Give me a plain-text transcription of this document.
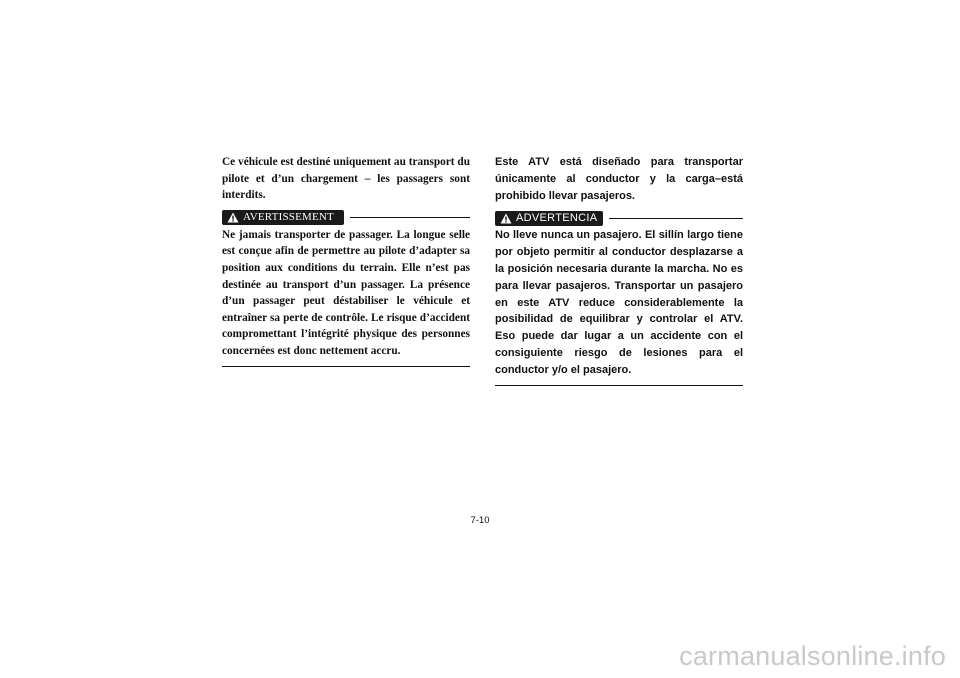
Ce véhicule est destiné uniquement au transport du pilote et d’un chargement – les passagers sont interdits.

AVERTISSEMENT

Ne jamais transporter de passager. La longue selle est conçue afin de permettre au pilote d’adapter sa position aux conditions du terrain. Elle n’est pas destinée au transport d’un passager. La présence d’un passager peut déstabiliser le véhicule et entraîner sa perte de contrôle. Le risque d’accident compromettant l’intégrité physique des personnes concernées est donc nettement accru.

Este ATV está diseñado para transportar únicamente al conductor y la carga–está prohibido llevar pasajeros.

ADVERTENCIA

No lleve nunca un pasajero. El sillín largo tiene por objeto permitir al conductor desplazarse a la posición necesaria durante la marcha. No es para llevar pasajeros. Transportar un pasajero en este ATV reduce considerablemente la posibilidad de equilibrar y controlar el ATV. Eso puede dar lugar a un accidente con el consiguiente riesgo de lesiones para el conductor y/o el pasajero.

7-10
carmanualsonline.info
